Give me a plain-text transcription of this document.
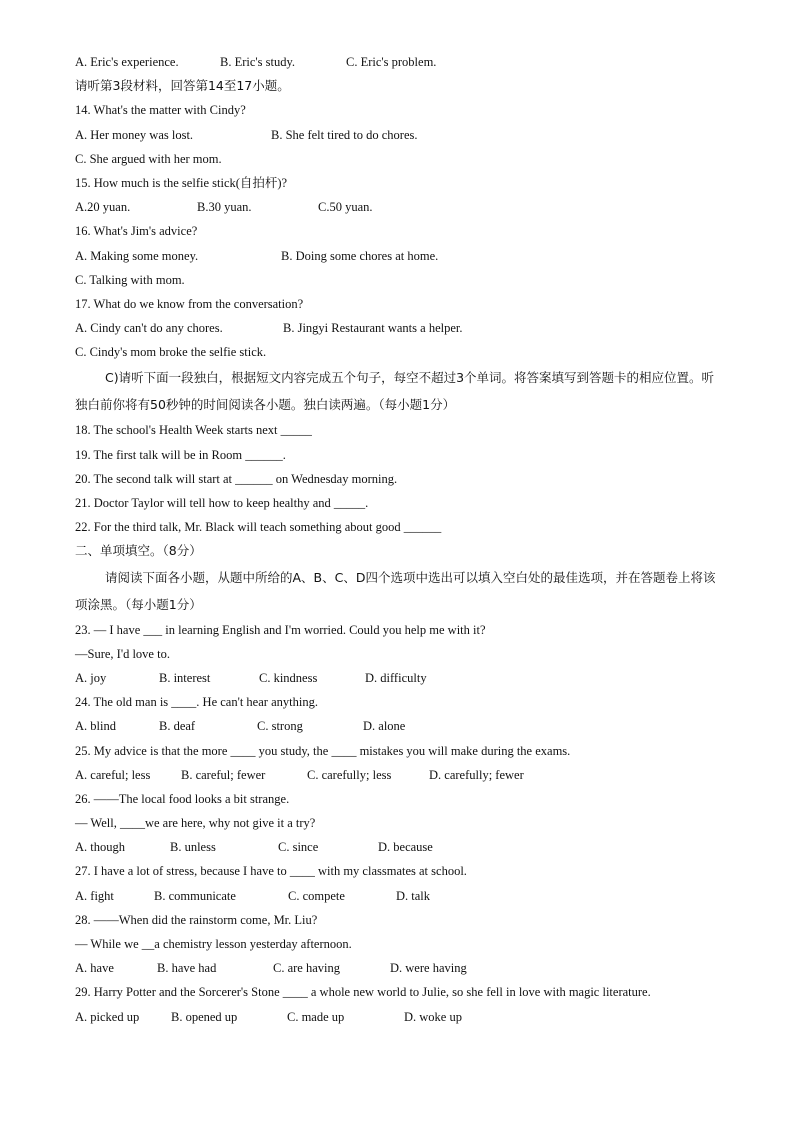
A. Eric's experience.	B. Eric's study.	C. Eric's problem.
请听第3段材料，回答第14至17小题。
14. What's the matter with Cindy?
A. Her money was lost.	B. She felt tired to do chores.
C. She argued with her mom.
15. How much is the selfie stick(自拍杆)?
A.20 yuan.	B.30 yuan.	C.50 yuan.
16. What's Jim's advice?
A. Making some money.	B. Doing some chores at home.
C. Talking with mom.
17. What do we know from the conversation?
A. Cindy can't do any chores.	B. Jingyi Restaurant wants a helper.
C. Cindy's mom broke the selfie stick.
C)请听下面一段独白，根据短文内容完成五个句子，每空不超过3个单词。将答案填写到答题卡的相应位置。听独白前你将有50秒钟的时间阅读各小题。独白读两遍。（每小题1分）
18. The school's Health Week starts next _____
19. The first talk will be in Room ______.
20. The second talk will start at ______ on Wednesday morning.
21. Doctor Taylor will tell how to keep healthy and _____.
22. For the third talk, Mr. Black will teach something about good ______
二、单项填空。（8分）
请阅读下面各小题，从题中所给的A、B、C、D四个选项中选出可以填入空白处的最佳选项，并在答题卷上将该项涂黑。（每小题1分）
23. — I have ___ in learning English and I'm worried. Could you help me with it?
—Sure, I'd love to.
A. joy	B. interest	C. kindness	D. difficulty
24. The old man is ____. He can't hear anything.
A. blind	B. deaf	C. strong	D. alone
25. My advice is that the more ____ you study, the ____ mistakes you will make during the exams.
A. careful; less	B. careful; fewer	C. carefully; less	D. carefully; fewer
26. ——The local food looks a bit strange.
— Well, ____we are here, why not give it a try?
A. though	B. unless	C. since	D. because
27. I have a lot of stress, because I have to ____ with my classmates at school.
A. fight	B. communicate	C. compete	D. talk
28. ——When did the rainstorm come, Mr. Liu?
— While we __a chemistry lesson yesterday afternoon.
A. have	B. have had	C. are having	D. were having
29. Harry Potter and the Sorcerer's Stone ____ a whole new world to Julie, so she fell in love with magic literature.
A. picked up	B. opened up	C. made up	D. woke up
